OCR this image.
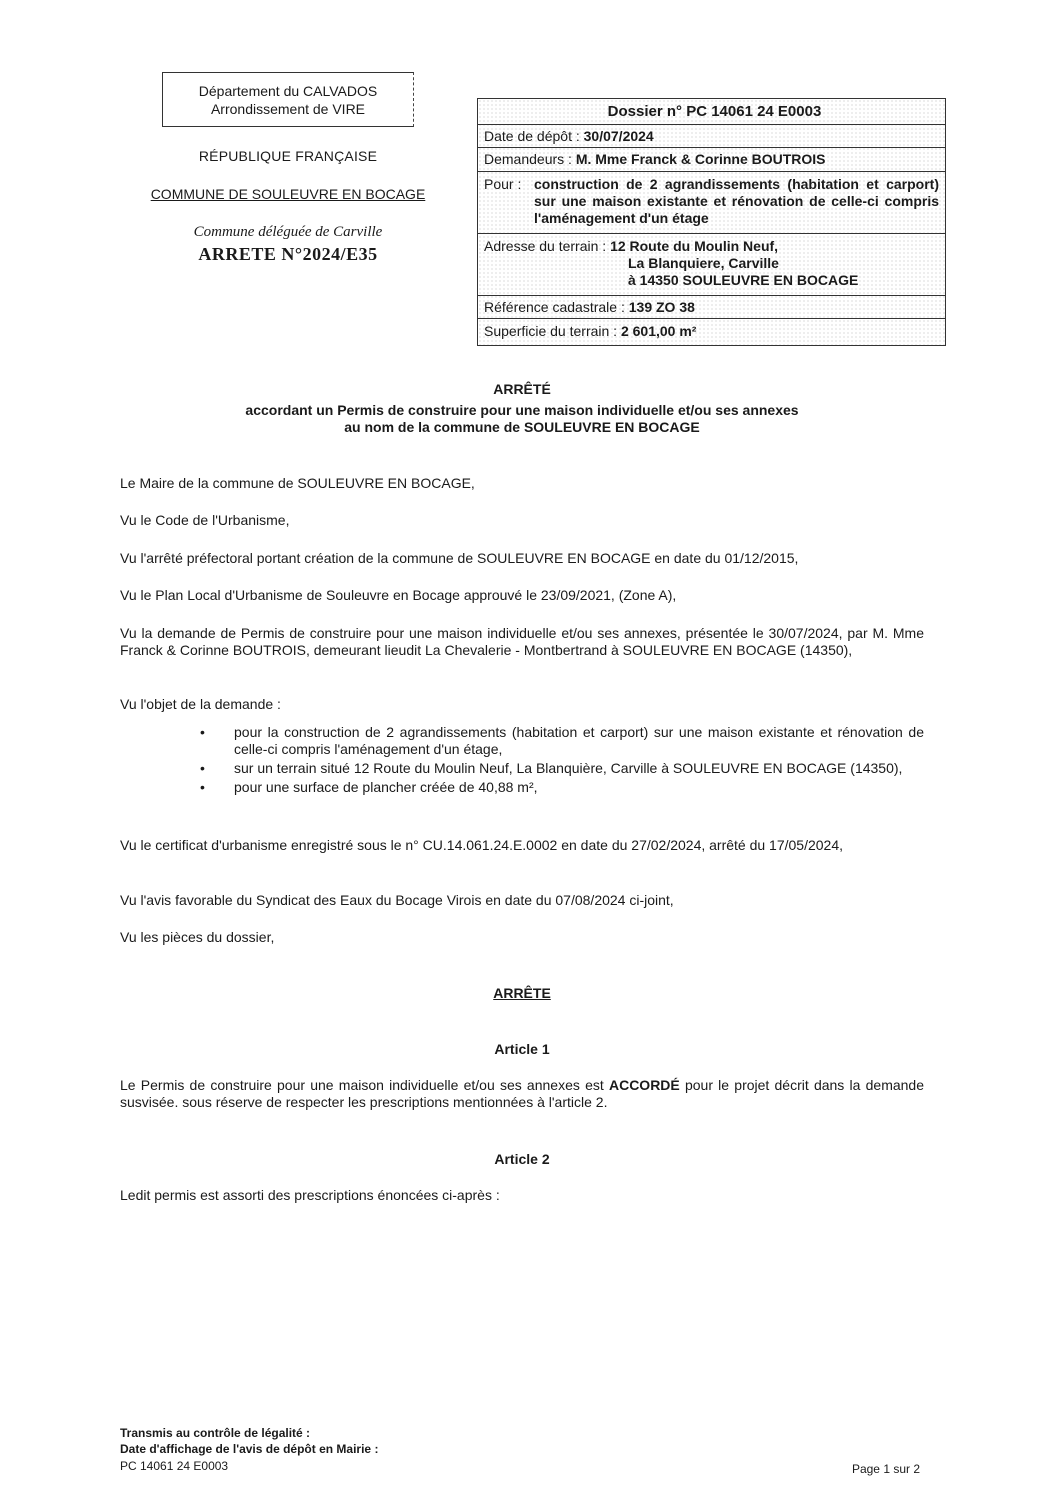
Département du CALVADOS
Arrondissement de VIRE
RÉPUBLIQUE FRANÇAISE
COMMUNE DE SOULEUVRE EN BOCAGE
Commune déléguée de Carville
ARRETE N°2024/E35
Dossier n° PC 14061 24 E0003
Date de dépôt : 30/07/2024
Demandeurs : M. Mme Franck & Corinne BOUTROIS
Pour : construction de 2 agrandissements (habitation et carport) sur une maison existante et rénovation de celle-ci compris l'aménagement d'un étage
Adresse du terrain : 12 Route du Moulin Neuf,
La Blanquiere, Carville
à 14350 SOULEUVRE EN BOCAGE
Référence cadastrale : 139 ZO 38
Superficie du terrain : 2 601,00 m²
ARRÊTÉ
accordant un Permis de construire pour une maison individuelle et/ou ses annexes
au nom de la commune de SOULEUVRE EN BOCAGE
Le Maire de la commune de SOULEUVRE EN BOCAGE,
Vu le Code de l'Urbanisme,
Vu l'arrêté préfectoral portant création de la commune de SOULEUVRE EN BOCAGE en date du 01/12/2015,
Vu le Plan Local d'Urbanisme de Souleuvre en Bocage approuvé le 23/09/2021, (Zone A),
Vu la demande de Permis de construire pour une maison individuelle et/ou ses annexes, présentée le 30/07/2024, par M. Mme Franck & Corinne BOUTROIS, demeurant lieudit La Chevalerie - Montbertrand à SOULEUVRE EN BOCAGE (14350),
Vu l'objet de la demande :
• pour la construction de 2 agrandissements (habitation et carport) sur une maison existante et rénovation de celle-ci compris l'aménagement d'un étage,
• sur un terrain situé 12 Route du Moulin Neuf, La Blanquière, Carville à SOULEUVRE EN BOCAGE (14350),
• pour une surface de plancher créée de 40,88 m²,
Vu le certificat d'urbanisme enregistré sous le n° CU.14.061.24.E.0002 en date du 27/02/2024, arrêté du 17/05/2024,
Vu l'avis favorable du Syndicat des Eaux du Bocage Virois en date du 07/08/2024 ci-joint,
Vu les pièces du dossier,
ARRÊTE
Article 1
Le Permis de construire pour une maison individuelle et/ou ses annexes est ACCORDÉ pour le projet décrit dans la demande susvisée. sous réserve de respecter les prescriptions mentionnées à l'article 2.
Article 2
Ledit permis est assorti des prescriptions énoncées ci-après :
Transmis au contrôle de légalité :
Date d'affichage de l'avis de dépôt en Mairie :
PC 14061 24 E0003	Page 1 sur 2
